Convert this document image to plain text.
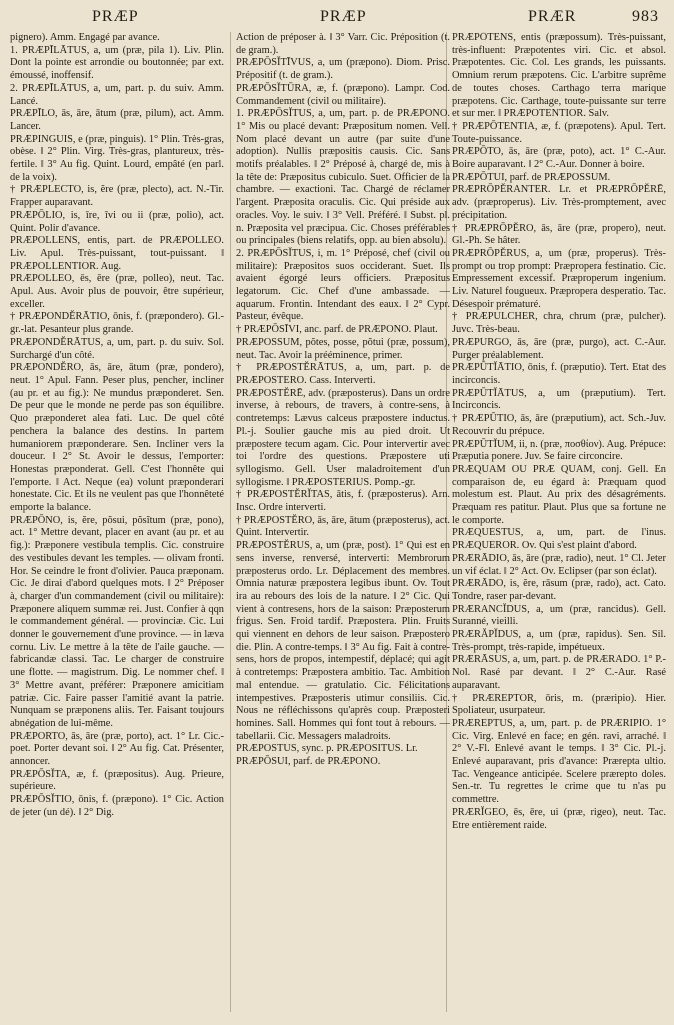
PRÆP	PRÆP	PRÆR	983

pignero). Amm. Engagé par avance.

1. PRÆPĪLĀTUS, a, um (præ, pila 1). Liv. Plin. Dont la pointe est arrondie ou boutonnée; par ext. émoussé, inoffensif.

2. PRÆPĪLĀTUS, a, um, part. p. du suiv. Amm. Lancé.

PRÆPĪLO, ās, āre, ātum (præ, pilum), act. Amm. Lancer.

PRÆPINGUIS, e (præ, pinguis). 1° Plin. Très-gras, obèse. ‖ 2° Plin. Virg. Très-gras, plantureux, très-fertile. ‖ 3° Au fig. Quint. Lourd, empâté (en parl. de la voix).

† PRÆPLECTO, is, ĕre (præ, plecto), act. N.-Tir. Frapper auparavant.

PRÆPŌLIO, is, īre, īvi ou ii (præ, polio), act. Quint. Polir d'avance.

PRÆPOLLENS, entis, part. de PRÆPOLLEO. Liv. Apul. Très-puissant, tout-puissant. ‖ PRÆPOLLENTIOR. Aug.

PRÆPOLLEO, ēs, ēre (præ, polleo), neut. Tac. Apul. Aus. Avoir plus de pouvoir, être supérieur, exceller.

† PRÆPONDĔRĀTIO, ōnis, f. (præpondero). Gl.-gr.-lat. Pesanteur plus grande.

PRÆPONDĔRĀTUS, a, um, part. p. du suiv. Sol. Surchargé d'un côté.

PRÆPONDĔRO, ās, āre, ātum (præ, pondero), neut. 1° Apul. Fann. Peser plus, pencher, incliner (au pr. et au fig.): Ne mundus præponderet. Sen. De peur que le monde ne perde pas son équilibre. Quo præponderet alea fati. Luc. De quel côté penchera la balance des destins. In partem humaniorem præponderare. Sen. Incliner vers la douceur. ‖ 2° St. Avoir le dessus, l'emporter: Honestas præponderat. Gell. C'est l'honnête qui l'emporte. ‖ Act. Neque (ea) volunt præponderari honestate. Cic. Et ils ne veulent pas que l'honnêteté emporte la balance.

PRÆPŌNO, is, ĕre, pŏsui, pŏsĭtum (præ, pono), act. 1° Mettre devant, placer en avant (au pr. et au fig.): Præponere vestibula templis. Cic. construire des vestibules devant les temples. — olivam fronti. Hor. Se ceindre le front d'olivier. Pauca præponam. Cic. Je dirai d'abord quelques mots. ‖ 2° Préposer à, charger d'un commandement (civil ou militaire): Præponere aliquem summæ rei. Just. Confier à qqn le commandement général. — provinciæ. Cic. Lui donner le gouvernement d'une province. — in læva cornu. Liv. Le mettre à la tête de l'aile gauche. — fabricandæ classi. Tac. Le charger de construire une flotte. — magistrum. Dig. Le nommer chef. ‖ 3° Mettre avant, préférer: Præponere amicitiam patriæ. Cic. Faire passer l'amitié avant la patrie. Nunquam se præponens aliis. Ter. Faisant toujours abnégation de lui-même.

PRÆPORTO, ās, āre (præ, porto), act. 1° Lr. Cic.-poet. Porter devant soi. ‖ 2° Au fig. Cat. Présenter, annoncer.

PRÆPŌSĬTA, æ, f. (præpositus). Aug. Prieure, supérieure.

PRÆPŌSĬTIO, ōnis, f. (præpono). 1° Cic. Action de jeter (un dé). ‖ 2° Dig.

Action de préposer à. ‖ 3° Varr. Cic. Préposition (t. de gram.).

PRÆPŌSĬTĪVUS, a, um (præpono). Diom. Prisc. Prépositif (t. de gram.).

PRÆPŌSĬTŪRA, æ, f. (præpono). Lampr. Cod. Commandement (civil ou militaire).

1. PRÆPŌSĬTUS, a, um, part. p. de PRÆPONO. 1° Mis ou placé devant: Præpositum nomen. Vell. Nom placé devant un autre (par suite d'une adoption). Nullis præpositis causis. Cic. Sans motifs préalables. ‖ 2° Préposé à, chargé de, mis à la tête de: Præpositus cubiculo. Suet. Officier de la chambre. — exactioni. Tac. Chargé de réclamer l'argent. Præposita oraculis. Cic. Qui préside aux oracles. Voy. le suiv. ‖ 3° Vell. Préféré. ‖ Subst. pl. n. Præposita vel præcipua. Cic. Choses préférables ou principales (biens relatifs, opp. au bien absolu).

2. PRÆPŌSĬTUS, i, m. 1° Préposé, chef (civil ou militaire): Præpositos suos occiderant. Suet. Ils avaient égorgé leurs officiers. Præpositus legatorum. Cic. Chef d'une ambassade. — aquarum. Frontin. Intendant des eaux. ‖ 2° Cypr. Pasteur, évêque.

† PRÆPŌSĪVI, anc. parf. de PRÆPONO. Plaut.

PRÆPOSSUM, pŏtes, posse, pŏtui (præ, possum), neut. Tac. Avoir la prééminence, primer.

† PRÆPOSTĔRĀTUS, a, um, part. p. de PRÆPOSTERO. Cass. Interverti.

PRÆPOSTĔRĒ, adv. (præposterus). Dans un ordre inverse, à rebours, de travers, à contre-sens, à contretemps: Lævus calceus præpostere inductus. Pl.-j. Soulier gauche mis au pied droit. Ut præpostere tecum agam. Cic. Pour intervertir avec toi l'ordre des questions. Præpostere uti syllogismo. Gell. User maladroitement d'un syllogisme. ‖ PRÆPOSTERIUS. Pomp.-gr.

† PRÆPOSTĔRĬTAS, ātis, f. (præposterus). Arn. Insc. Ordre interverti.

† PRÆPOSTĔRO, ās, āre, ātum (præposterus), act. Quint. Intervertir.

PRÆPOSTĔRUS, a, um (præ, post). 1° Qui est en sens inverse, renversé, interverti: Membrorum præposterus ordo. Lr. Déplacement des membres. Omnia naturæ præpostera legibus ibunt. Ov. Tout ira au rebours des lois de la nature. ‖ 2° Cic. Qui vient à contresens, hors de la saison: Præposterum frigus. Sen. Froid tardif. Præpostera. Plin. Fruits qui viennent en dehors de leur saison. Præpostero die. Plin. A contre-temps. ‖ 3° Au fig. Fait à contre-sens, hors de propos, intempestif, déplacé; qui agit à contretemps: Præpostera ambitio. Tac. Ambition mal entendue. — gratulatio. Cic. Félicitations intempestives. Præposteris utimur consiliis. Cic. Nous ne réfléchissons qu'après coup. Præposteri homines. Sall. Hommes qui font tout à rebours. — tabellarii. Cic. Messagers maladroits.

PRÆPOSTUS, sync. p. PRÆPOSITUS. Lr.

PRÆPŌSUI, parf. de PRÆPONO.

PRÆPŌTENS, entis (præpossum). Très-puissant, très-influent: Præpotentes viri. Cic. et absol. Præpotentes. Cic. Col. Les grands, les puissants. Omnium rerum præpotens. Cic. L'arbitre suprême de toutes choses. Carthago terra marique præpotens. Cic. Carthage, toute-puissante sur terre et sur mer. ‖ PRÆPOTENTIOR. Salv.

† PRÆPŌTENTIA, æ, f. (præpotens). Apul. Tert. Toute-puissance.

PRÆPŌTO, ās, āre (præ, poto), act. 1° C.-Aur. Boire auparavant. ‖ 2° C.-Aur. Donner à boire.

PRÆPŌTUI, parf. de PRÆPOSSUM.

PRÆPRŌPĔRANTER. Lr. et PRÆPRŌPĔRĒ, adv. (præproperus). Liv. Très-promptement, avec précipitation.

† PRÆPRŌPĔRO, ās, āre (præ, propero), neut. Gl.-Ph. Se hâter.

PRÆPRŌPĔRUS, a, um (præ, properus). Très-prompt ou trop prompt: Præpropera festinatio. Cic. Empressement excessif. Præproperum ingenium. Liv. Naturel fougueux. Præpropera desperatio. Tac. Désespoir prématuré.

† PRÆPULCHER, chra, chrum (præ, pulcher). Juvc. Très-beau.

PRÆPURGO, ās, āre (præ, purgo), act. C.-Aur. Purger préalablement.

PRÆPŪTĬĀTIO, ōnis, f. (præputio). Tert. Etat des incirconcis.

PRÆPŪTĬĀTUS, a, um (præputium). Tert. Incirconcis.

† PRÆPŪTIO, ās, āre (præputium), act. Sch.-Juv. Recouvrir du prépuce.

PRÆPŪTĬUM, ii, n. (præ, ποσθίον). Aug. Prépuce: Præputia ponere. Juv. Se faire circoncire.

PRÆQUAM OU PRÆ QUAM, conj. Gell. En comparaison de, eu égard à: Præquam quod molestum est. Plaut. Au prix des désagréments. Præquam res patitur. Plaut. Plus que sa fortune ne le comporte.

PRÆQUESTUS, a, um, part. de l'inus. PRÆQUEROR. Ov. Qui s'est plaint d'abord.

PRÆRĀDIO, ās, āre (præ, radio), neut. 1° Cl. Jeter un vif éclat. ‖ 2° Act. Ov. Eclipser (par son éclat).

PRÆRĀDO, is, ĕre, rāsum (præ, rado), act. Cato. Tondre, raser par-devant.

PRÆRANCĬDUS, a, um (præ, rancidus). Gell. Suranné, vieilli.

PRÆRĂPĬDUS, a, um (præ, rapidus). Sen. Sil. Très-prompt, très-rapide, impétueux.

PRÆRĀSUS, a, um, part. p. de PRÆRADO. 1° P.-Nol. Rasé par devant. ‖ 2° C.-Aur. Rasé auparavant.

† PRÆREPTOR, ōris, m. (præripio). Hier. Spoliateur, usurpateur.

PRÆREPTUS, a, um, part. p. de PRÆRIPIO. 1° Cic. Virg. Enlevé en face; en gén. ravi, arraché. ‖ 2° V.-Fl. Enlevé avant le temps. ‖ 3° Cic. Pl.-j. Enlevé auparavant, pris d'avance: Prærepta ultio. Tac. Vengeance anticipée. Scelere prærepto doles. Sen.-tr. Tu regrettes le crime que tu n'as pu commettre.

PRÆRĬGEO, ēs, ēre, ui (præ, rigeo), neut. Tac. Etre entièrement raide.
